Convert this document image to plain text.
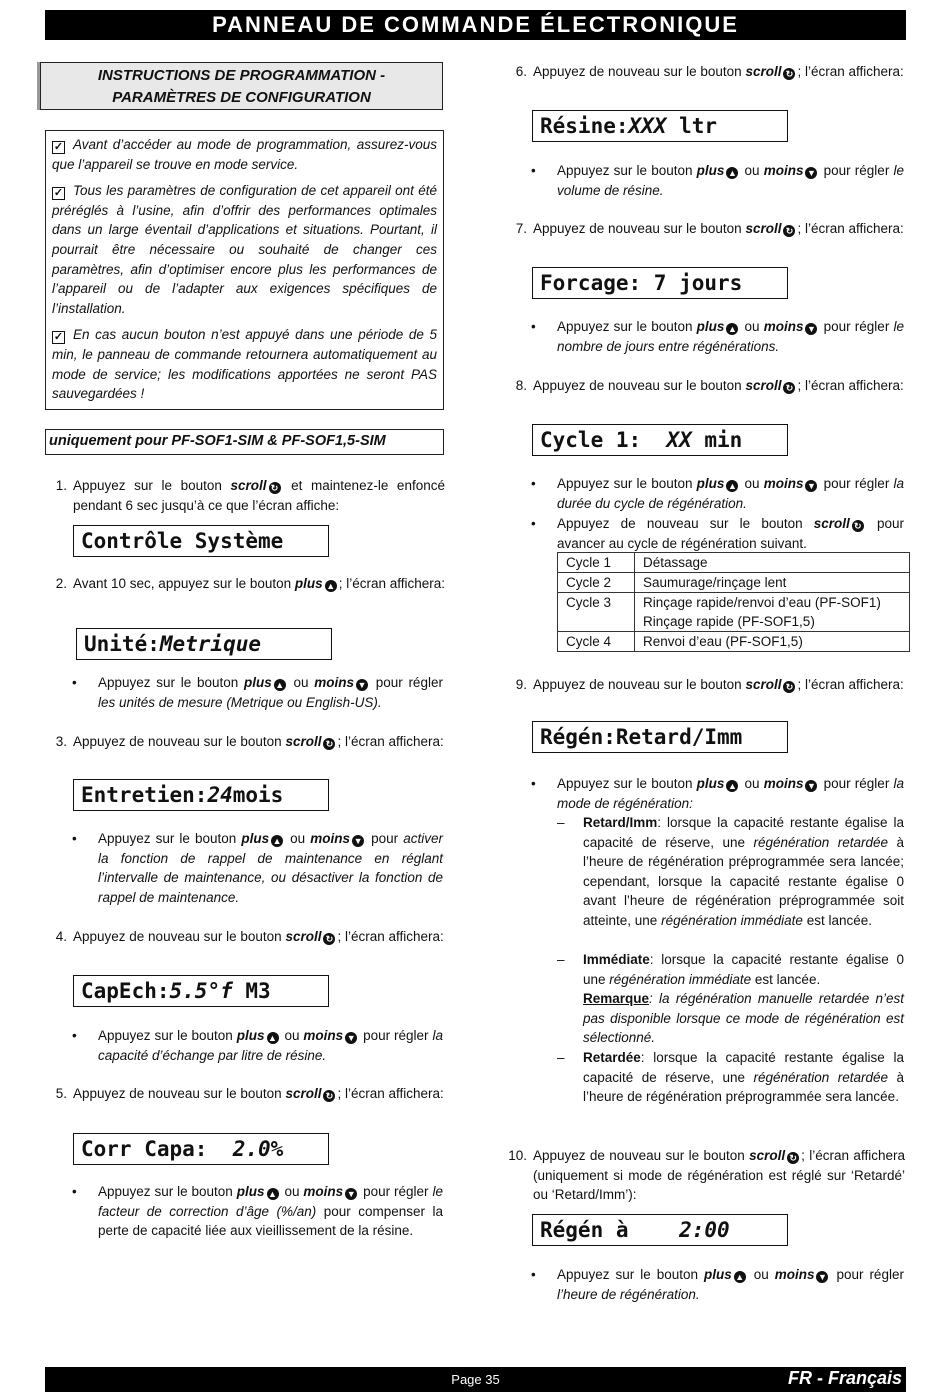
PANNEAU DE COMMANDE ÉLECTRONIQUE
INSTRUCTIONS DE PROGRAMMATION -
PARAMÈTRES DE CONFIGURATION

✓ Avant d’accéder au mode de programmation, assurez-vous que l’appareil se trouve en mode service.

✓ Tous les paramètres de configuration de cet appareil ont été préréglés à l’usine, afin d’offrir des performances optimales dans un large éventail d’applications et situations. Pourtant, il pourrait être nécessaire ou souhaité de changer ces paramètres, afin d’optimiser encore plus les performances de l’appareil ou de l’adapter aux exigences spécifiques de l’installation.

✓ En cas aucun bouton n’est appuyé dans une période de 5 min, le panneau de commande retournera automatiquement au mode de service; les modifications apportées ne seront PAS sauvegardées !

uniquement pour PF-SOF1-SIM & PF-SOF1,5-SIM
1. Appuyez sur le bouton scroll ↻ et maintenez-le enfoncé pendant 6 sec jusqu’à ce que l’écran affiche:
Contrôle Système
2. Avant 10 sec, appuyez sur le bouton plus ▲ ; l’écran affichera:
Unité:Metrique
• Appuyez sur le bouton plus ▲ ou moins ▼ pour régler les unités de mesure (Metrique ou English-US).
3. Appuyez de nouveau sur le bouton scroll ↻ ; l’écran affichera:
Entretien:24mois
• Appuyez sur le bouton plus ▲ ou moins ▼ pour activer la fonction de rappel de maintenance en réglant l’intervalle de maintenance, ou désactiver la fonction de rappel de maintenance.
4. Appuyez de nouveau sur le bouton scroll ↻ ; l’écran affichera:
CapEch:5.5°f M3
• Appuyez sur le bouton plus ▲ ou moins ▼ pour régler la capacité d’échange par litre de résine.
5. Appuyez de nouveau sur le bouton scroll ↻ ; l’écran affichera:
Corr Capa:  2.0%
• Appuyez sur le bouton plus ▲ ou moins ▼ pour régler le facteur de correction d’âge (%/an) pour compenser la perte de capacité liée aux vieillissement de la résine.
6. Appuyez de nouveau sur le bouton scroll ↻ ; l’écran affichera:
Résine:XXX ltr
• Appuyez sur le bouton plus ▲ ou moins ▼ pour régler le volume de résine.
7. Appuyez de nouveau sur le bouton scroll ↻ ; l’écran affichera:
Forcage: 7 jours
• Appuyez sur le bouton plus ▲ ou moins ▼ pour régler le nombre de jours entre régénérations.
8. Appuyez de nouveau sur le bouton scroll ↻ ; l’écran affichera:
Cycle 1:  XX min
• Appuyez sur le bouton plus ▲ ou moins ▼ pour régler la durée du cycle de régénération.
• Appuyez de nouveau sur le bouton scroll ↻ pour avancer au cycle de régénération suivant.
Cycle 1	Détassage
Cycle 2	Saumurage/rinçage lent
Cycle 3	Rinçage rapide/renvoi d’eau (PF-SOF1)
Rinçage rapide (PF-SOF1,5)

Cycle 4	Renvoi d’eau (PF-SOF1,5)
9. Appuyez de nouveau sur le bouton scroll ↻ ; l’écran affichera:
Régén:Retard/Imm
• Appuyez sur le bouton plus ▲ ou moins ▼ pour régler la mode de régénération:
– Retard/Imm: lorsque la capacité restante égalise la capacité de réserve, une régénération retardée à l’heure de régénération préprogrammée sera lancée; cependant, lorsque la capacité restante égalise 0 avant l’heure de régénération préprogrammée soit atteinte, une régénération immédiate est lancée.
– Immédiate: lorsque la capacité restante égalise 0 une régénération immédiate est lancée.
Remarque: la régénération manuelle retardée n’est pas disponible lorsque ce mode de régénération est sélectionné.
– Retardée: lorsque la capacité restante égalise la capacité de réserve, une régénération retardée à l’heure de régénération préprogrammée sera lancée.
10. Appuyez de nouveau sur le bouton scroll ↻ ; l’écran affichera (uniquement si mode de régénération est réglé sur ‘Retardé’ ou ‘Retard/Imm’):
Régén à    2:00
• Appuyez sur le bouton plus ▲ ou moins ▼ pour régler l’heure de régénération.
Page 35	FR - Français
